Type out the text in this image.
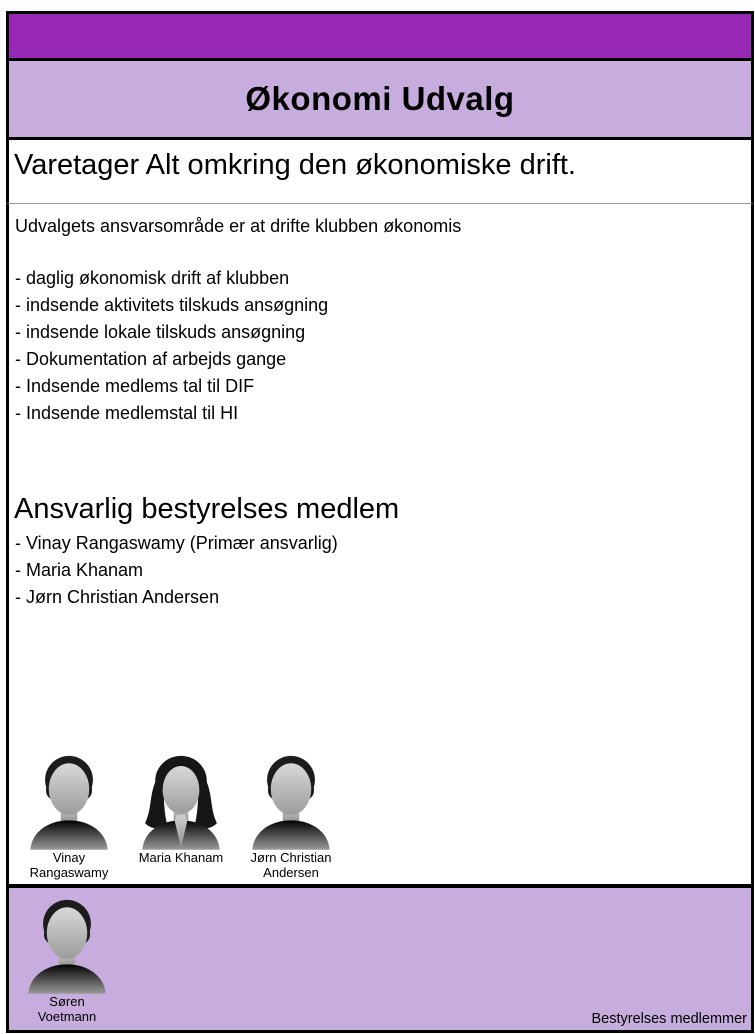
Økonomi Udvalg
Varetager Alt omkring den økonomiske drift.
Udvalgets ansvarsområde er at drifte klubben økonomis
- daglig økonomisk drift af klubben
- indsende aktivitets tilskuds ansøgning
- indsende lokale tilskuds ansøgning
- Dokumentation af arbejds gange
- Indsende medlems tal til DIF
- Indsende medlemstal til HI
Ansvarlig bestyrelses medlem
- Vinay Rangaswamy (Primær ansvarlig)
- Maria Khanam
- Jørn Christian Andersen
Vinay
Rangaswamy
Maria Khanam	Jørn Christian
Andersen
Søren
Voetmann	Bestyrelses medlemmer
